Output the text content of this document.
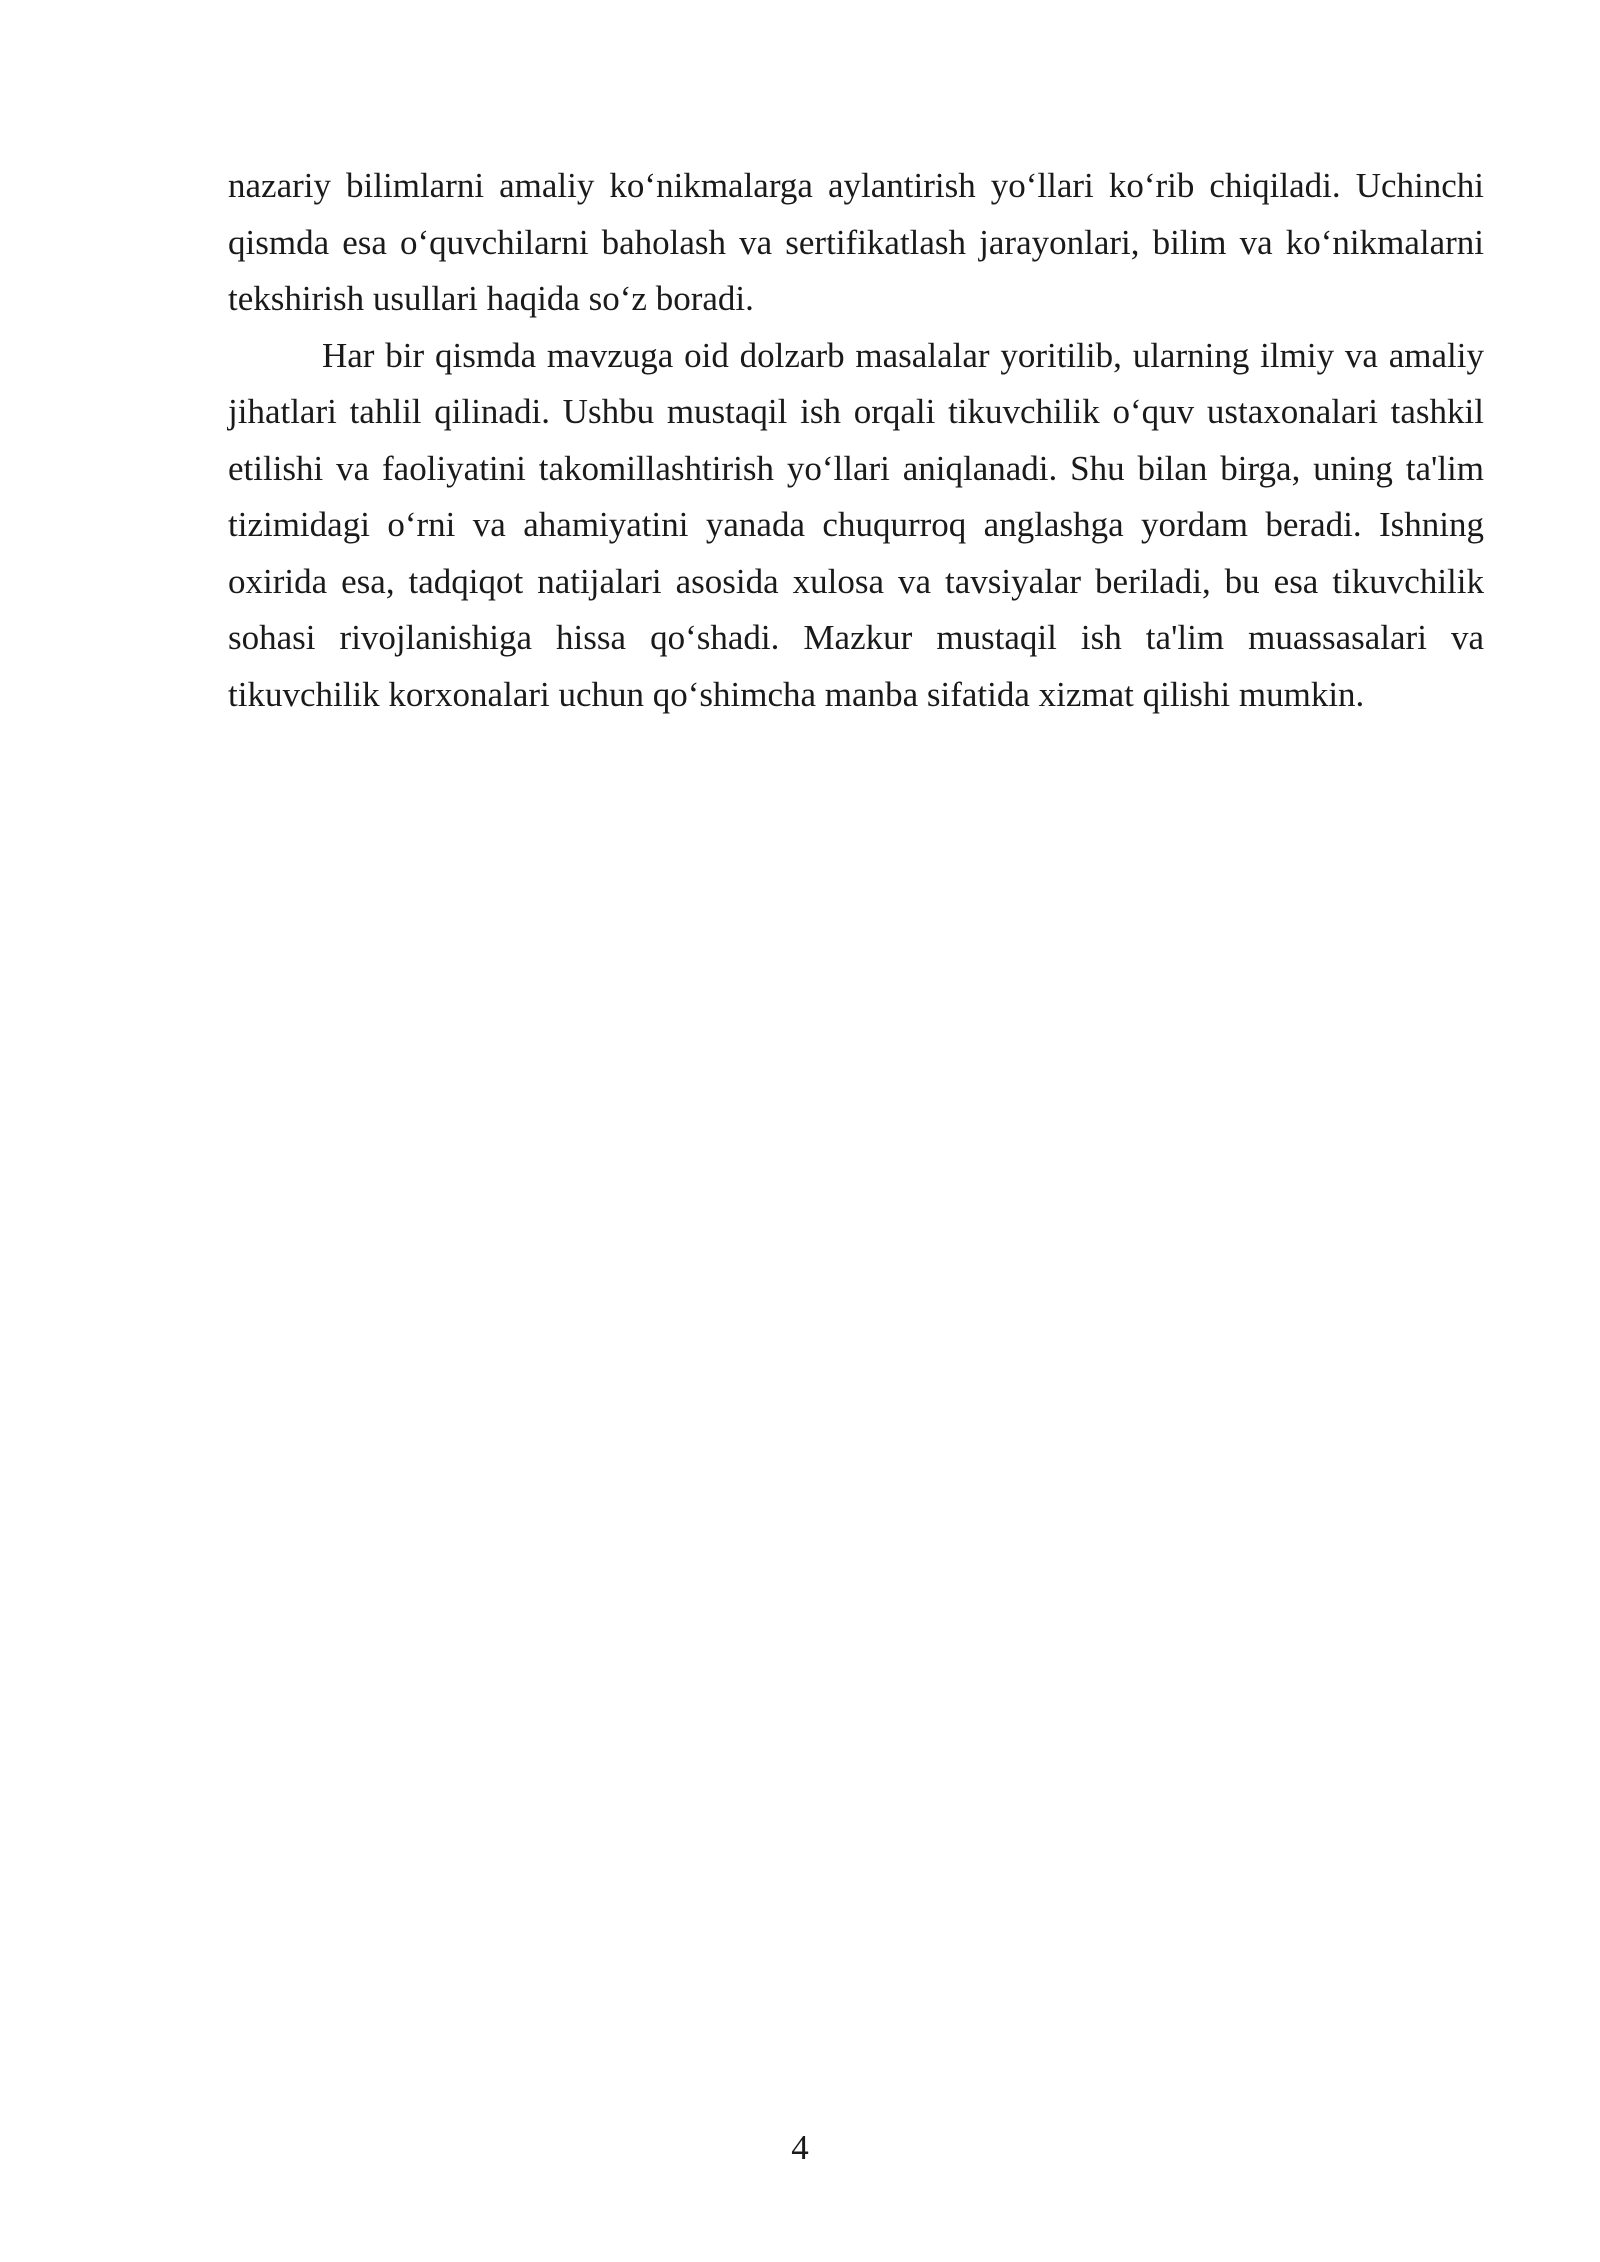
nazariy bilimlarni amaliy ko‘nikmalarga aylantirish yo‘llari ko‘rib chiqiladi. Uchinchi qismda esa o‘quvchilarni baholash va sertifikatlash jarayonlari, bilim va ko‘nikmalarni tekshirish usullari haqida so‘z boradi.

Har bir qismda mavzuga oid dolzarb masalalar yoritilib, ularning ilmiy va amaliy jihatlari tahlil qilinadi. Ushbu mustaqil ish orqali tikuvchilik o‘quv ustaxonalari tashkil etilishi va faoliyatini takomillashtirish yo‘llari aniqlanadi. Shu bilan birga, uning ta'lim tizimidagi o‘rni va ahamiyatini yanada chuqurroq anglashga yordam beradi. Ishning oxirida esa, tadqiqot natijalari asosida xulosa va tavsiyalar beriladi, bu esa tikuvchilik sohasi rivojlanishiga hissa qo‘shadi. Mazkur mustaqil ish ta'lim muassasalari va tikuvchilik korxonalari uchun qo‘shimcha manba sifatida xizmat qilishi mumkin.

4
